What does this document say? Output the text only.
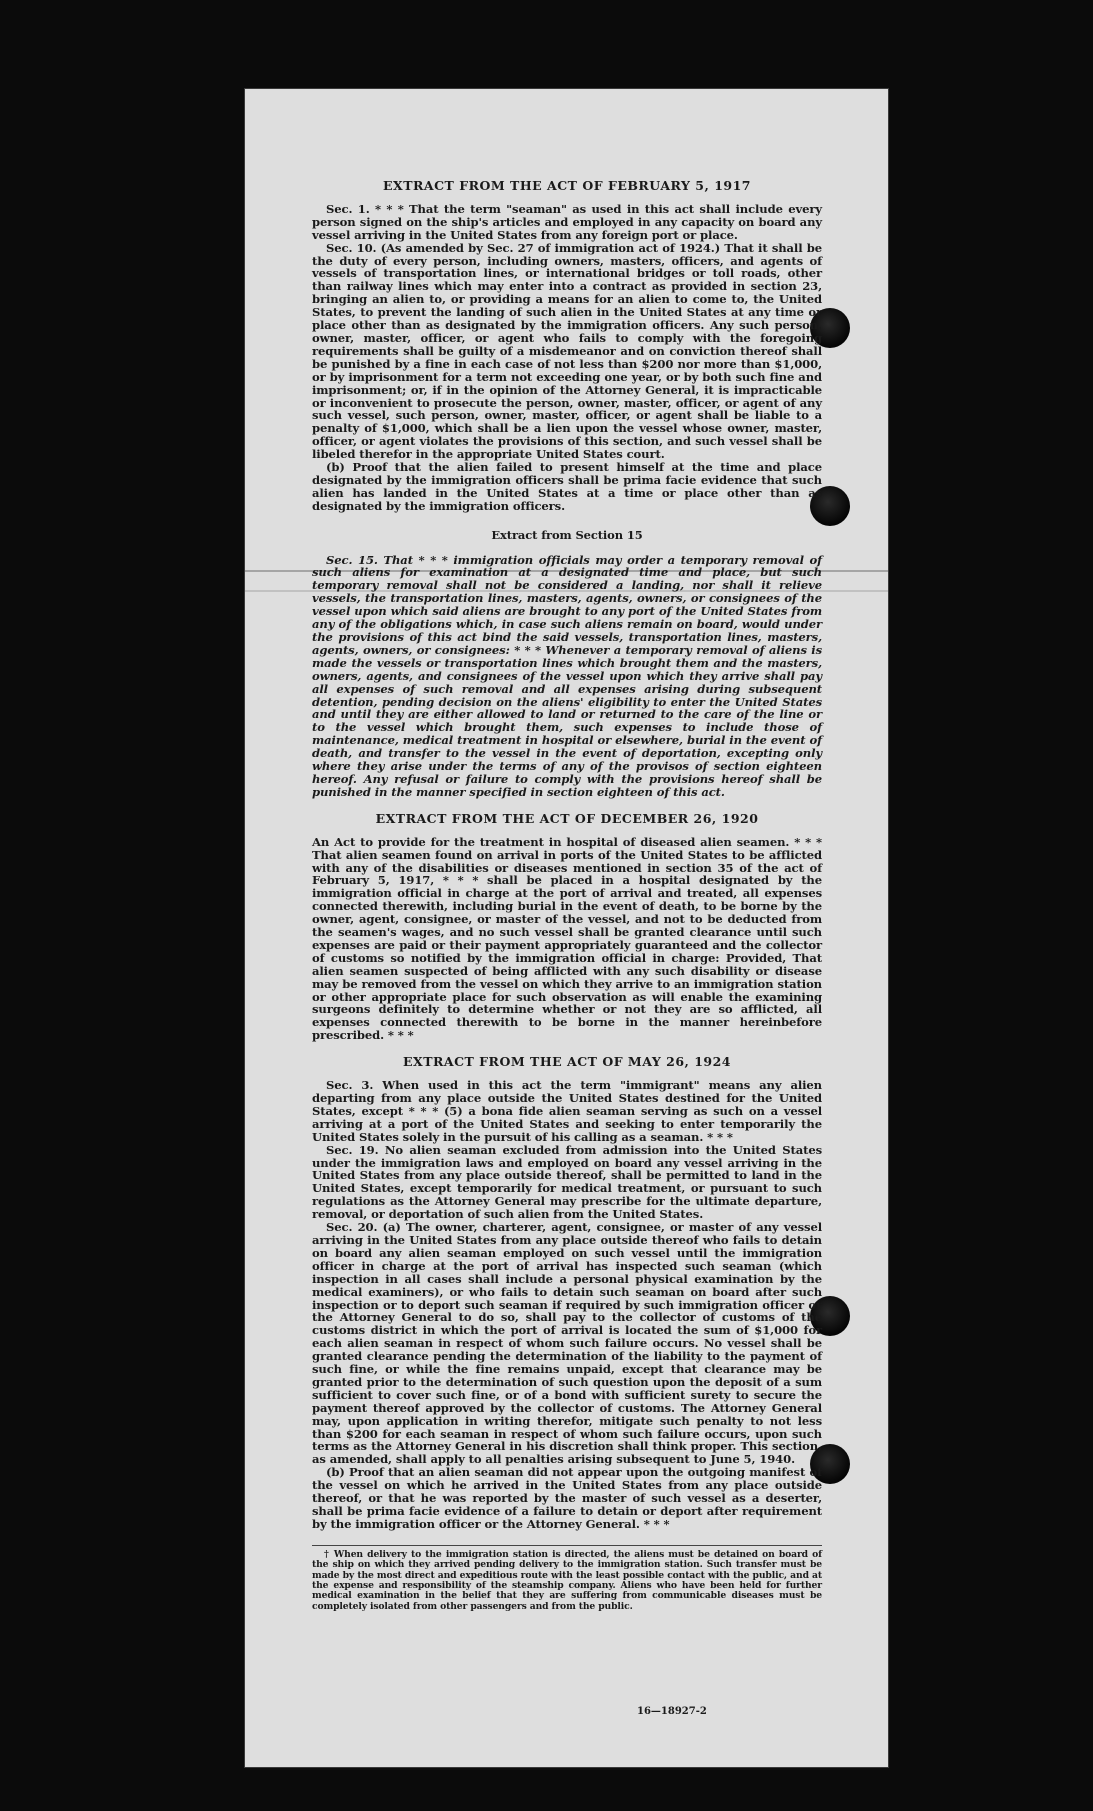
EXTRACT FROM THE ACT OF FEBRUARY 5, 1917

Sec. 1. * * * That the term "seaman" as used in this act shall include every person signed on the ship's articles and employed in any capacity on board any vessel arriving in the United States from any foreign port or place.

Sec. 10. (As amended by Sec. 27 of immigration act of 1924.) That it shall be the duty of every person, including owners, masters, officers, and agents of vessels of transportation lines, or international bridges or toll roads, other than railway lines which may enter into a contract as provided in section 23, bringing an alien to, or providing a means for an alien to come to, the United States, to prevent the landing of such alien in the United States at any time or place other than as designated by the immigration officers. Any such person, owner, master, officer, or agent who fails to comply with the foregoing requirements shall be guilty of a misdemeanor and on conviction thereof shall be punished by a fine in each case of not less than $200 nor more than $1,000, or by imprisonment for a term not exceeding one year, or by both such fine and imprisonment; or, if in the opinion of the Attorney General, it is impracticable or inconvenient to prosecute the person, owner, master, officer, or agent of any such vessel, such person, owner, master, officer, or agent shall be liable to a penalty of $1,000, which shall be a lien upon the vessel whose owner, master, officer, or agent violates the provisions of this section, and such vessel shall be libeled therefor in the appropriate United States court.

(b) Proof that the alien failed to present himself at the time and place designated by the immigration officers shall be prima facie evidence that such alien has landed in the United States at a time or place other than as designated by the immigration officers.

Extract from Section 15

Sec. 15. That * * * immigration officials may order a temporary removal of such aliens for examination at a designated time and place, but such temporary removal shall not be considered a landing, nor shall it relieve vessels, the transportation lines, masters, agents, owners, or consignees of the vessel upon which said aliens are brought to any port of the United States from any of the obligations which, in case such aliens remain on board, would under the provisions of this act bind the said vessels, transportation lines, masters, agents, owners, or consignees: * * * Whenever a temporary removal of aliens is made the vessels or transportation lines which brought them and the masters, owners, agents, and consignees of the vessel upon which they arrive shall pay all expenses of such removal and all expenses arising during subsequent detention, pending decision on the aliens' eligibility to enter the United States and until they are either allowed to land or returned to the care of the line or to the vessel which brought them, such expenses to include those of maintenance, medical treatment in hospital or elsewhere, burial in the event of death, and transfer to the vessel in the event of deportation, excepting only where they arise under the terms of any of the provisos of section eighteen hereof. Any refusal or failure to comply with the provisions hereof shall be punished in the manner specified in section eighteen of this act.

EXTRACT FROM THE ACT OF DECEMBER 26, 1920

An Act to provide for the treatment in hospital of diseased alien seamen. * * * That alien seamen found on arrival in ports of the United States to be afflicted with any of the disabilities or diseases mentioned in section 35 of the act of February 5, 1917, * * * shall be placed in a hospital designated by the immigration official in charge at the port of arrival and treated, all expenses connected therewith, including burial in the event of death, to be borne by the owner, agent, consignee, or master of the vessel, and not to be deducted from the seamen's wages, and no such vessel shall be granted clearance until such expenses are paid or their payment appropriately guaranteed and the collector of customs so notified by the immigration official in charge: Provided, That alien seamen suspected of being afflicted with any such disability or disease may be removed from the vessel on which they arrive to an immigration station or other appropriate place for such observation as will enable the examining surgeons definitely to determine whether or not they are so afflicted, all expenses connected therewith to be borne in the manner hereinbefore prescribed. * * *

EXTRACT FROM THE ACT OF MAY 26, 1924

Sec. 3. When used in this act the term "immigrant" means any alien departing from any place outside the United States destined for the United States, except * * * (5) a bona fide alien seaman serving as such on a vessel arriving at a port of the United States and seeking to enter temporarily the United States solely in the pursuit of his calling as a seaman. * * *

Sec. 19. No alien seaman excluded from admission into the United States under the immigration laws and employed on board any vessel arriving in the United States from any place outside thereof, shall be permitted to land in the United States, except temporarily for medical treatment, or pursuant to such regulations as the Attorney General may prescribe for the ultimate departure, removal, or deportation of such alien from the United States.

Sec. 20. (a) The owner, charterer, agent, consignee, or master of any vessel arriving in the United States from any place outside thereof who fails to detain on board any alien seaman employed on such vessel until the immigration officer in charge at the port of arrival has inspected such seaman (which inspection in all cases shall include a personal physical examination by the medical examiners), or who fails to detain such seaman on board after such inspection or to deport such seaman if required by such immigration officer or the Attorney General to do so, shall pay to the collector of customs of the customs district in which the port of arrival is located the sum of $1,000 for each alien seaman in respect of whom such failure occurs. No vessel shall be granted clearance pending the determination of the liability to the payment of such fine, or while the fine remains unpaid, except that clearance may be granted prior to the determination of such question upon the deposit of a sum sufficient to cover such fine, or of a bond with sufficient surety to secure the payment thereof approved by the collector of customs. The Attorney General may, upon application in writing therefor, mitigate such penalty to not less than $200 for each seaman in respect of whom such failure occurs, upon such terms as the Attorney General in his discretion shall think proper. This section, as amended, shall apply to all penalties arising subsequent to June 5, 1940.

(b) Proof that an alien seaman did not appear upon the outgoing manifest of the vessel on which he arrived in the United States from any place outside thereof, or that he was reported by the master of such vessel as a deserter, shall be prima facie evidence of a failure to detain or deport after requirement by the immigration officer or the Attorney General. * * *

† When delivery to the immigration station is directed, the aliens must be detained on board of the ship on which they arrived pending delivery to the immigration station. Such transfer must be made by the most direct and expeditious route with the least possible contact with the public, and at the expense and responsibility of the steamship company. Aliens who have been held for further medical examination in the belief that they are suffering from communicable diseases must be completely isolated from other passengers and from the public.
16—18927-2
